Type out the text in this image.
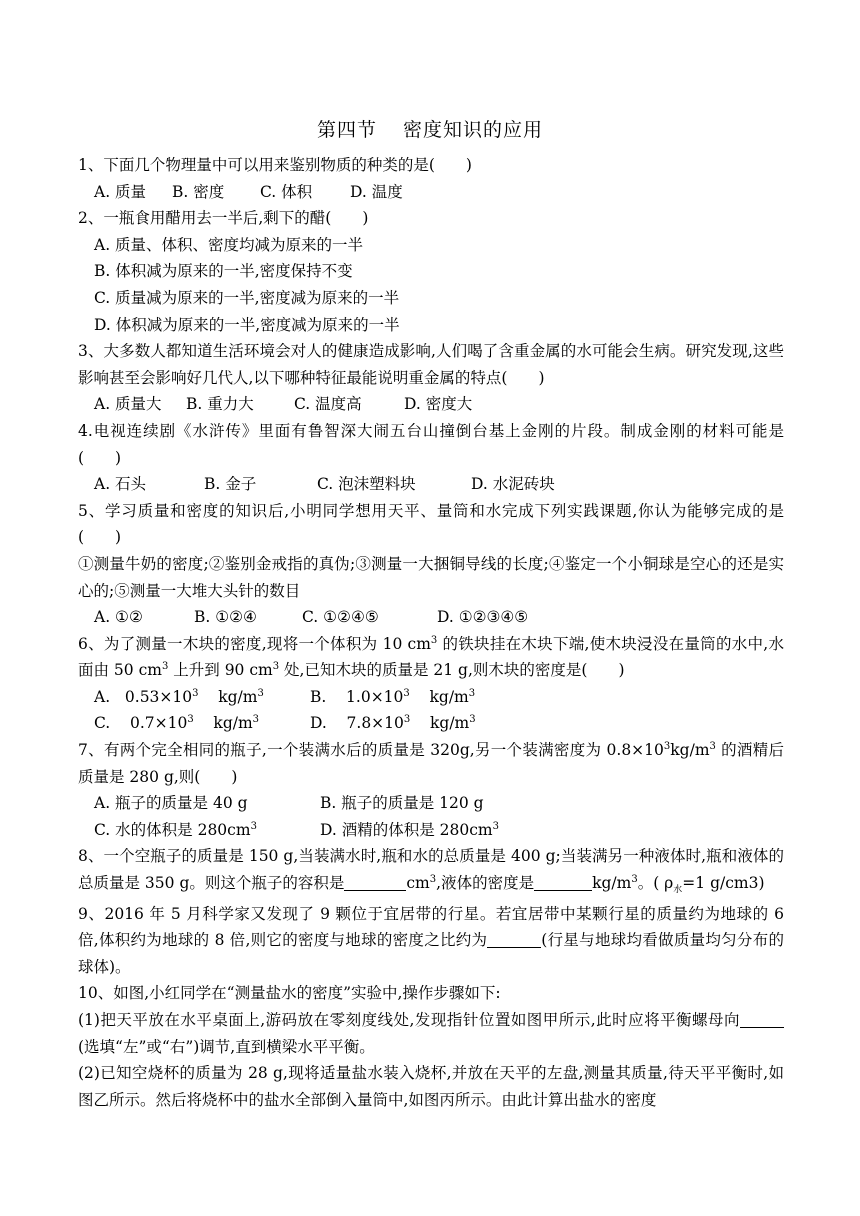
第四节 密度知识的应用
1、下面几个物理量中可以用来鉴别物质的种类的是(　　)
A. 质量 B. 密度 C. 体积 D. 温度
2、一瓶食用醋用去一半后,剩下的醋(　　)
A. 质量、体积、密度均减为原来的一半
B. 体积减为原来的一半,密度保持不变
C. 质量减为原来的一半,密度减为原来的一半
D. 体积减为原来的一半,密度减为原来的一半
3、大多数人都知道生活环境会对人的健康造成影响,人们喝了含重金属的水可能会生病。研究发现,这些影响甚至会影响好几代人,以下哪种特征最能说明重金属的特点(　　)
A. 质量大 B. 重力大	C. 温度高	D. 密度大
4.电视连续剧《水浒传》里面有鲁智深大闹五台山撞倒台基上金刚的片段。制成金刚的材料可能是(　　)
A. 石头	B. 金子	C. 泡沫塑料块	D. 水泥砖块
5、学习质量和密度的知识后,小明同学想用天平、量筒和水完成下列实践课题,你认为能够完成的是(　　)
①测量牛奶的密度;②鉴别金戒指的真伪;③测量一大捆铜导线的长度;④鉴定一个小铜球是空心的还是实心的;⑤测量一大堆大头针的数目
A. ①②	B. ①②④	C. ①②④⑤	D. ①②③④⑤
6、为了测量一木块的密度,现将一个体积为 10 $cm^3$ 的铁块挂在木块下端,使木块浸没在量筒的水中,水面由 50 $cm^3$ 上升到 90 $cm^3$ 处,已知木块的质量是 21 g,则木块的密度是(　　)
A. $0.53\times 10^3$ $kg/m^3$	B. $1.0\times 10^3$ $kg/m^3$
C. $0.7\times 10^3$ $kg/m^3$	D. $7.8\times 10^3$ $kg/m^3$
7、有两个完全相同的瓶子,一个装满水后的质量是 320g,另一个装满密度为 $0.8\times 10^3kg/m^3$ 的酒精后质量是 280 g,则(　　)
A. 瓶子的质量是 40 g	B. 瓶子的质量是 120 g
C. 水的体积是 $280cm^3$	D. 酒精的体积是 $280cm^3$
8、一个空瓶子的质量是 150 g,当装满水时,瓶和水的总质量是 400 g;当装满另一种液体时,瓶和液体的总质量是 350 g。则这个瓶子的容积是	$cm^3$,液体的密度是	$kg/m^3$。( $\rho_水=1$ g/cm3)
9、2016 年 5 月科学家又发现了 9 颗位于宜居带的行星。若宜居带中某颗行星的质量约为地球的 6 倍,体积约为地球的 8 倍,则它的密度与地球的密度之比约为	(行星与地球均看做质量均匀分布的球体)。
10、如图,小红同学在“测量盐水的密度”实验中,操作步骤如下:
(1)把天平放在水平桌面上,游码放在零刻度线处,发现指针位置如图甲所示,此时应将平衡螺母向(选填“左”或“右”)调节,直到横梁水平平衡。
(2)已知空烧杯的质量为 28 g,现将适量盐水装入烧杯,并放在天平的左盘,测量其质量,待天平平衡时,如图乙所示。然后将烧杯中的盐水全部倒入量筒中,如图丙所示。由此计算出盐水的密度
